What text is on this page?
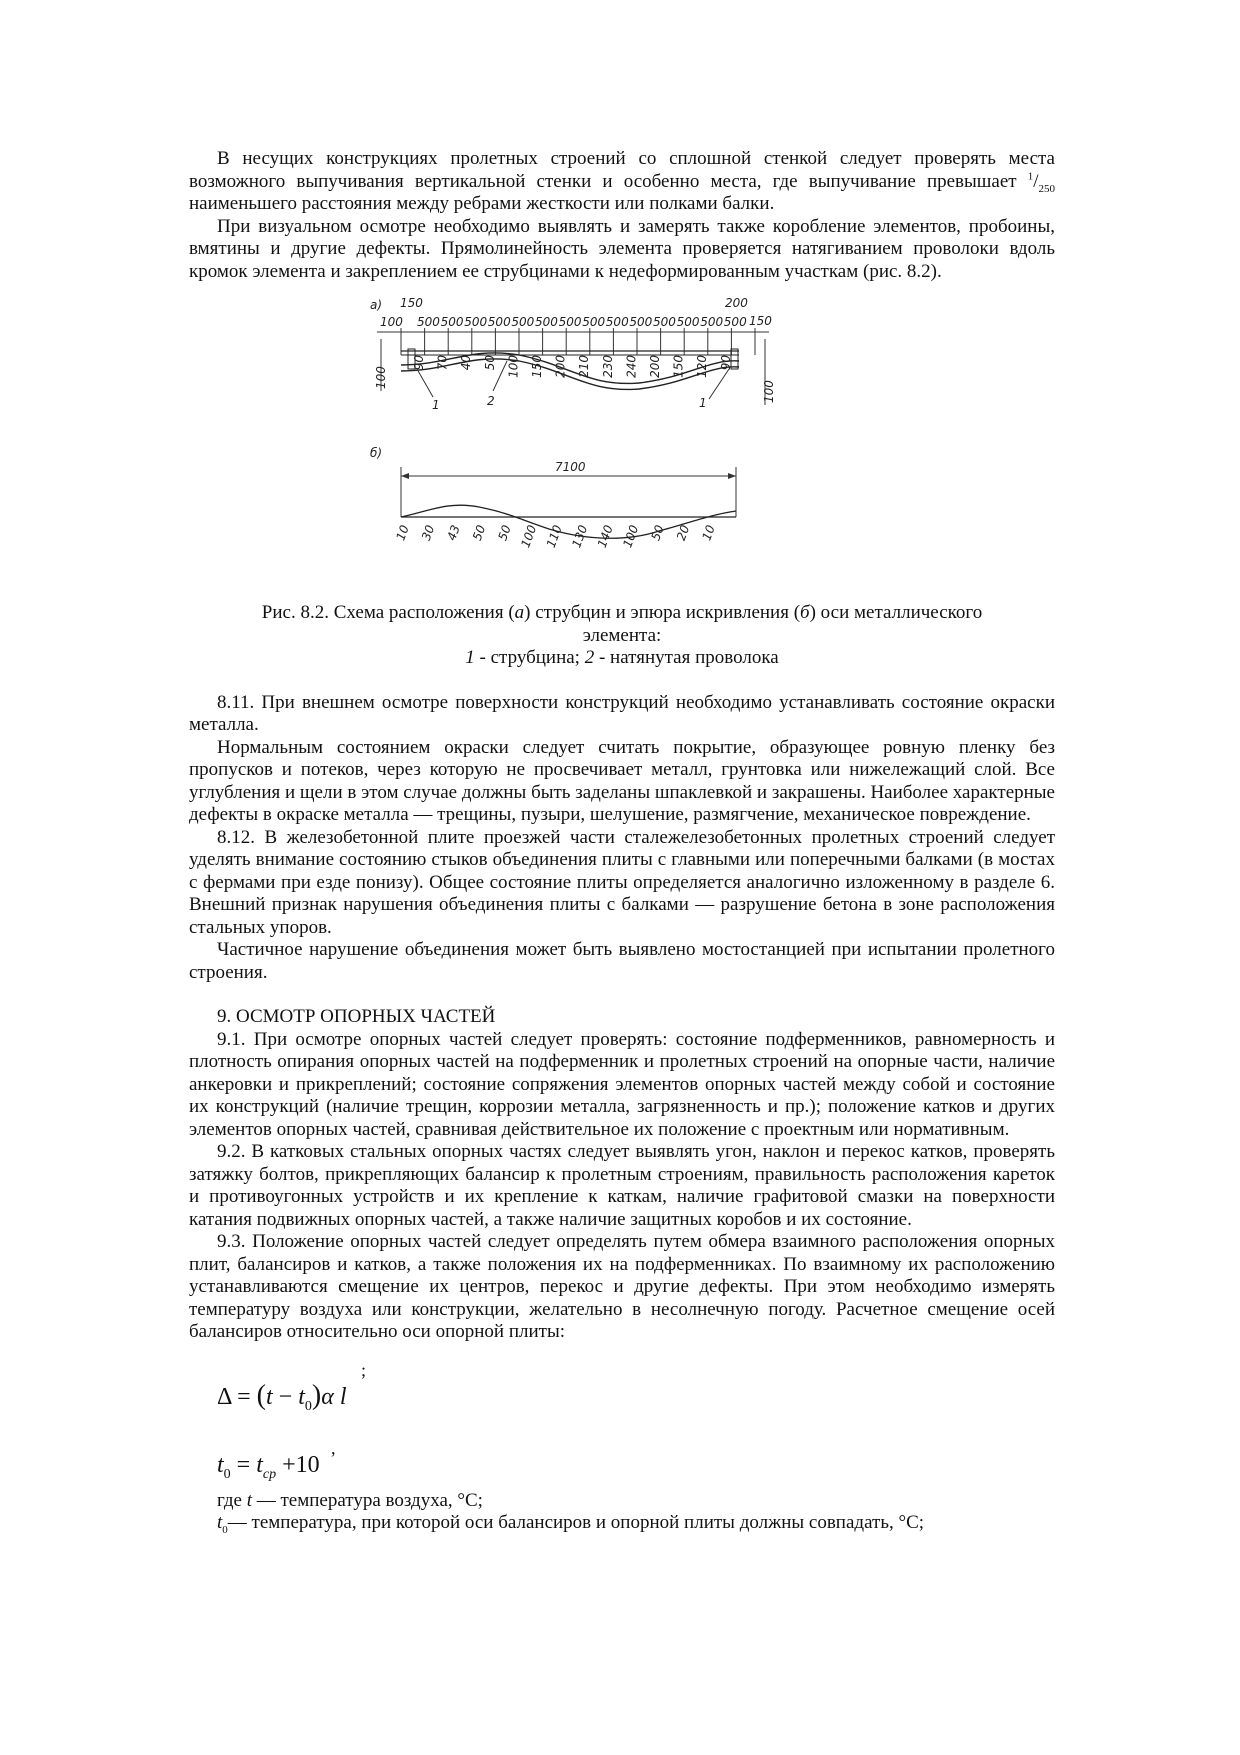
В несущих конструкциях пролетных строений со сплошной стенкой следует проверять места возможного выпучивания вертикальной стенки и особенно места, где выпучивание превышает $^1/_{250}$ наименьшего расстояния между ребрами жесткости или полками балки.

При визуальном осмотре необходимо выявлять и замерять также коробление элементов, пробоины, вмятины и другие дефекты. Прямолинейность элемента проверяется натягиванием проволоки вдоль кромок элемента и закреплением ее струбцинами к недеформированным участкам (рис. 8.2).

а) 150	200
100	150
500 500 500 500 500 500 500 500 500 500 500 500 500 500
90 70 40 50 100 150 200 210 230 240 200 150 120 90
100
100
1	2	1
б)
7100
10 30 43 50 50 100 110 130 140 100 50 20 10
Рис. 8.2. Схема расположения (а) струбцин и эпюра искривления (б) оси металлического
элемента:
1 - струбцина; 2 - натянутая проволока

8.11. При внешнем осмотре поверхности конструкций необходимо устанавливать состояние окраски металла.

Нормальным состоянием окраски следует считать покрытие, образующее ровную пленку без пропусков и потеков, через которую не просвечивает металл, грунтовка или нижележащий слой. Все углубления и щели в этом случае должны быть заделаны шпаклевкой и закрашены. Наиболее характерные дефекты в окраске металла — трещины, пузыри, шелушение, размягчение, механическое повреждение.

8.12. В железобетонной плите проезжей части сталежелезобетонных пролетных строений следует уделять внимание состоянию стыков объединения плиты с главными или поперечными балками (в мостах с фермами при езде понизу). Общее состояние плиты определяется аналогично изложенному в разделе 6. Внешний признак нарушения объединения плиты с балками — разрушение бетона в зоне расположения стальных упоров.

Частичное нарушение объединения может быть выявлено мостостанцией при испытании пролетного строения.

9. ОСМОТР ОПОРНЫХ ЧАСТЕЙ

9.1. При осмотре опорных частей следует проверять: состояние подферменников, равномерность и плотность опирания опорных частей на подферменник и пролетных строений на опорные части, наличие анкеровки и прикреплений; состояние сопряжения элементов опорных частей между собой и состояние их конструкций (наличие трещин, коррозии металла, загрязненность и пр.); положение катков и других элементов опорных частей, сравнивая действительное их положение с проектным или нормативным.

9.2. В катковых стальных опорных частях следует выявлять угон, наклон и перекос катков, проверять затяжку болтов, прикрепляющих балансир к пролетным строениям, правильность расположения кареток и противоугонных устройств и их крепление к каткам, наличие графитовой смазки на поверхности катания подвижных опорных частей, а также наличие защитных коробов и их состояние.

9.3. Положение опорных частей следует определять путем обмера взаимного расположения опорных плит, балансиров и катков, а также положения их на подферменниках. По взаимному их расположению устанавливаются смещение их центров, перекос и другие дефекты. При этом необходимо измерять температуру воздуха или конструкции, желательно в несолнечную погоду. Расчетное смещение осей балансиров относительно оси опорной плиты:

$\Delta = (t - t_0)\alpha$ l
;
$t_0 = t_{ср} +10$
,

где t — температура воздуха, °С;

$t_0—$ температура, при которой оси балансиров и опорной плиты должны совпадать, °С;
